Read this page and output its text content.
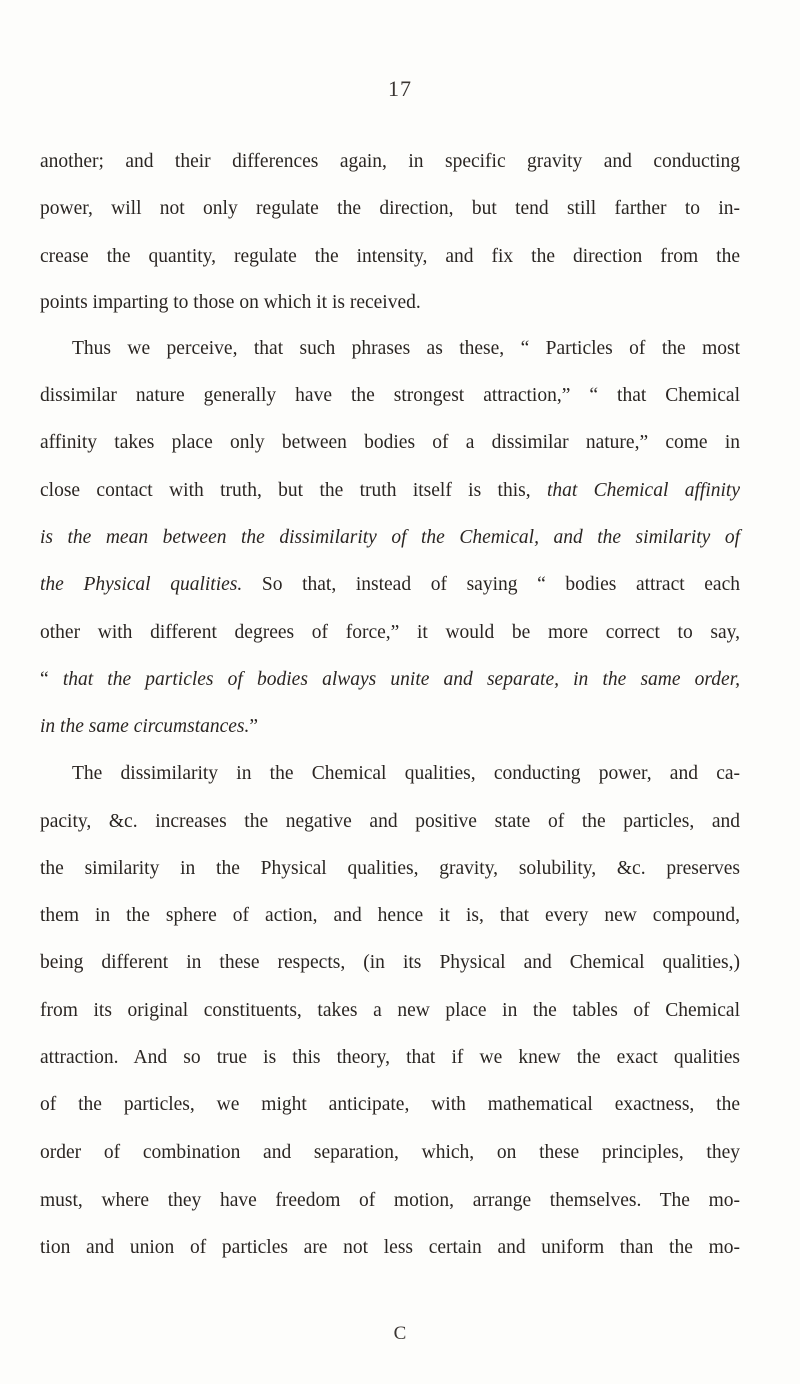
17
another; and their differences again, in specific gravity and conducting
power, will not only regulate the direction, but tend still farther to in-
crease the quantity, regulate the intensity, and fix the direction from the
points imparting to those on which it is received.
Thus we perceive, that such phrases as these, “ Particles of the most
dissimilar nature generally have the strongest attraction,” “ that Chemical
affinity takes place only between bodies of a dissimilar nature,” come in
close contact with truth, but the truth itself is this, that Chemical affinity
is the mean between the dissimilarity of the Chemical, and the similarity of
the Physical qualities. So that, instead of saying “ bodies attract each
other with different degrees of force,” it would be more correct to say,
“ that the particles of bodies always unite and separate, in the same order,
in the same circumstances.”
The dissimilarity in the Chemical qualities, conducting power, and ca-
pacity, &c. increases the negative and positive state of the particles, and
the similarity in the Physical qualities, gravity, solubility, &c. preserves
them in the sphere of action, and hence it is, that every new compound,
being different in these respects, (in its Physical and Chemical qualities,)
from its original constituents, takes a new place in the tables of Chemical
attraction. And so true is this theory, that if we knew the exact qualities
of the particles, we might anticipate, with mathematical exactness, the
order of combination and separation, which, on these principles, they
must, where they have freedom of motion, arrange themselves. The mo-
tion and union of particles are not less certain and uniform than the mo-
C
